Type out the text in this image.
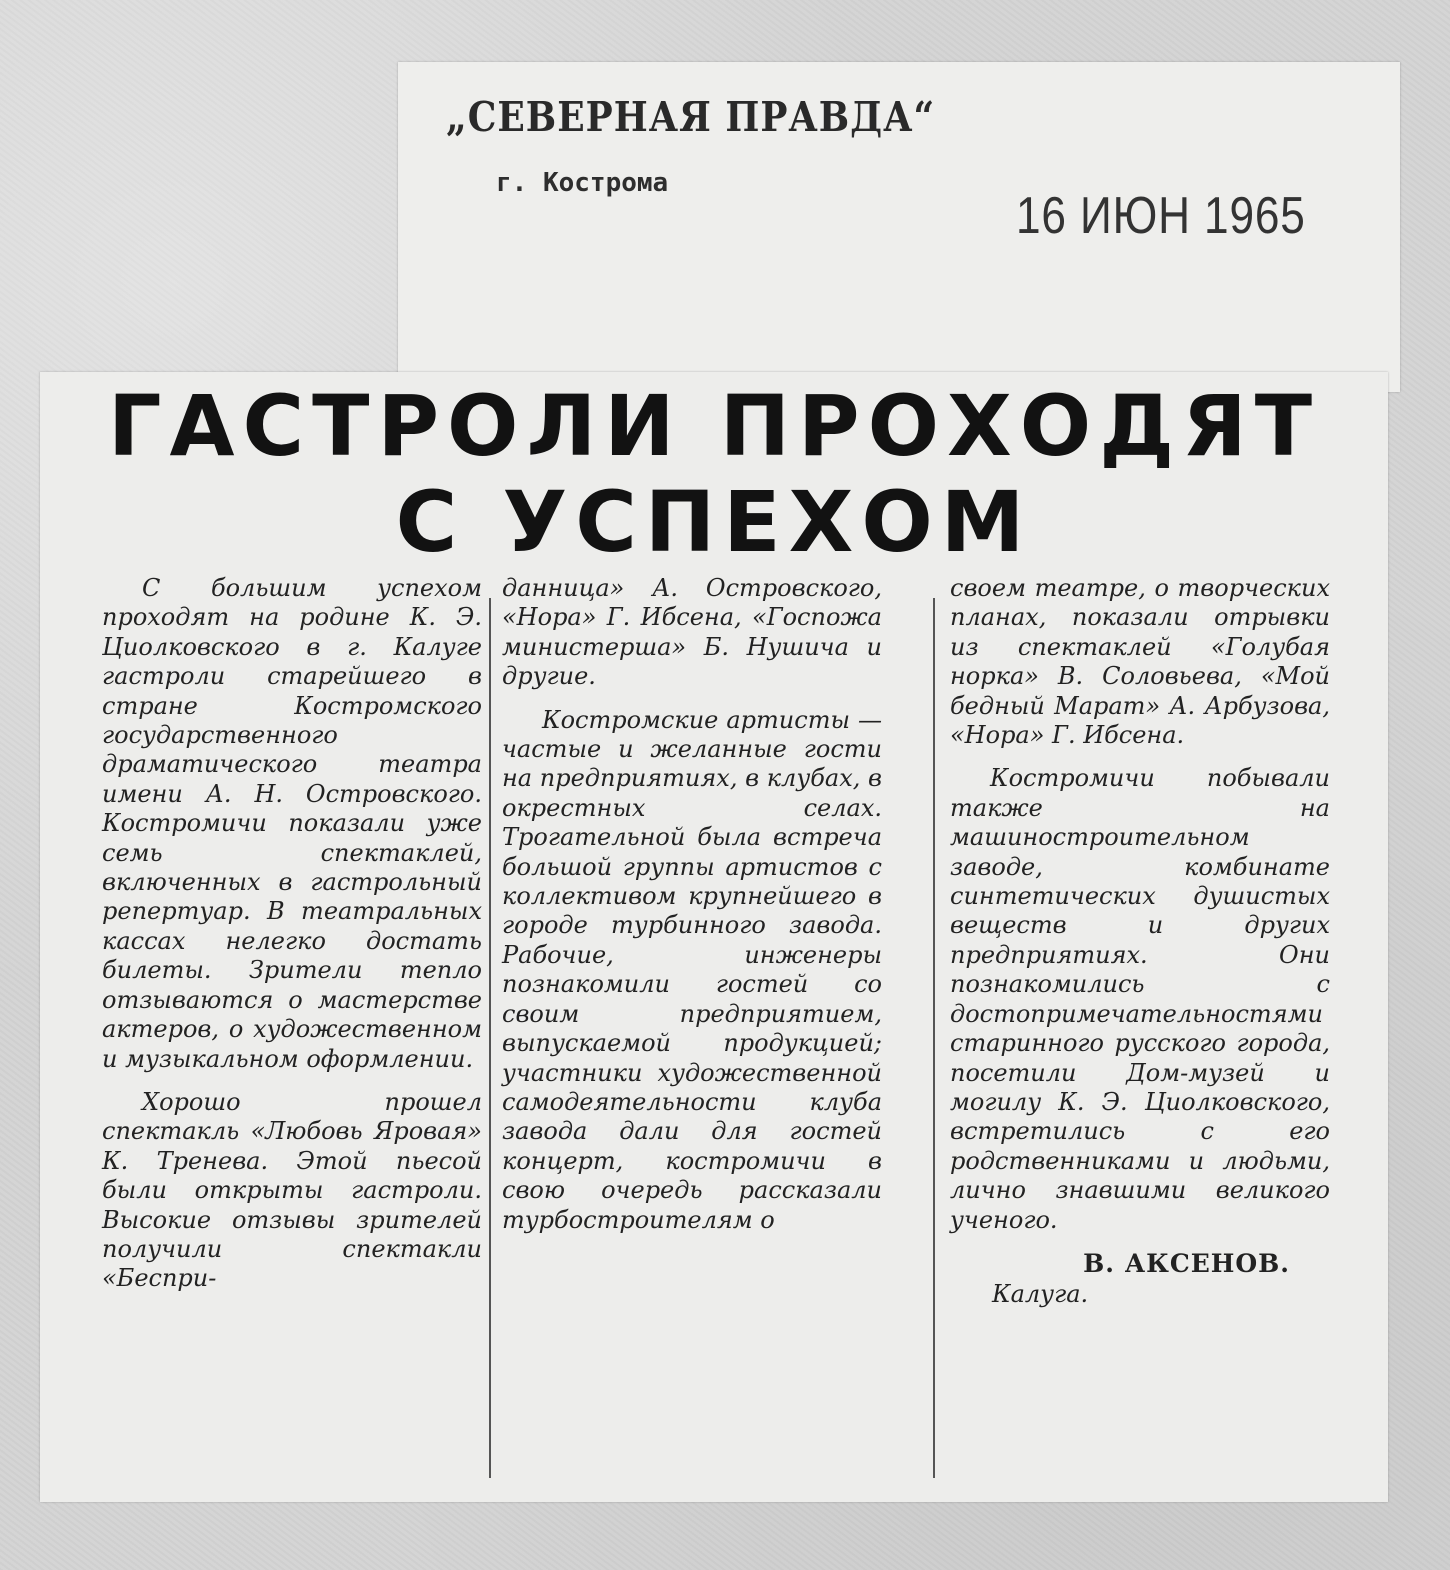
„СЕВЕРНАЯ ПРАВДА“
г. Кострома
16 ИЮН 1965
ГАСТРОЛИ ПРОХОДЯТ
С УСПЕХОМ

С большим успехом проходят на родине К. Э. Циолковского в г. Калуге гастроли старейшего в стране Костромского государственного драматического театра имени А. Н. Островского. Костромичи показали уже семь спектаклей, включенных в гастрольный репертуар. В театральных кассах нелегко достать билеты. Зрители тепло отзываются о мастерстве актеров, о художественном и музыкальном оформлении.

Хорошо прошел спектакль «Любовь Яровая» К. Тренева. Этой пьесой были открыты гастроли. Высокие отзывы зрителей получили спектакли «Беспри-

данница» А. Островского, «Нора» Г. Ибсена, «Госпожа министерша» Б. Нушича и другие.

Костромские артисты — частые и желанные гости на предприятиях, в клубах, в окрестных селах. Трогательной была встреча большой группы артистов с коллективом крупнейшего в городе турбинного завода. Рабочие, инженеры познакомили гостей со своим предприятием, выпускаемой продукцией; участники художественной самодеятельности клуба завода дали для гостей концерт, костромичи в свою очередь рассказали турбостроителям о

своем театре, о творческих планах, показали отрывки из спектаклей «Голубая норка» В. Соловьева, «Мой бедный Марат» А. Арбузова, «Нора» Г. Ибсена.

Костромичи побывали также на машиностроительном заводе, комбинате синтетических душистых веществ и других предприятиях. Они познакомились с достопримечательностями старинного русского города, посетили Дом-музей и могилу К. Э. Циолковского, встретились с его родственниками и людьми, лично знавшими великого ученого.

В. АКСЕНОВ.
Калуга.
